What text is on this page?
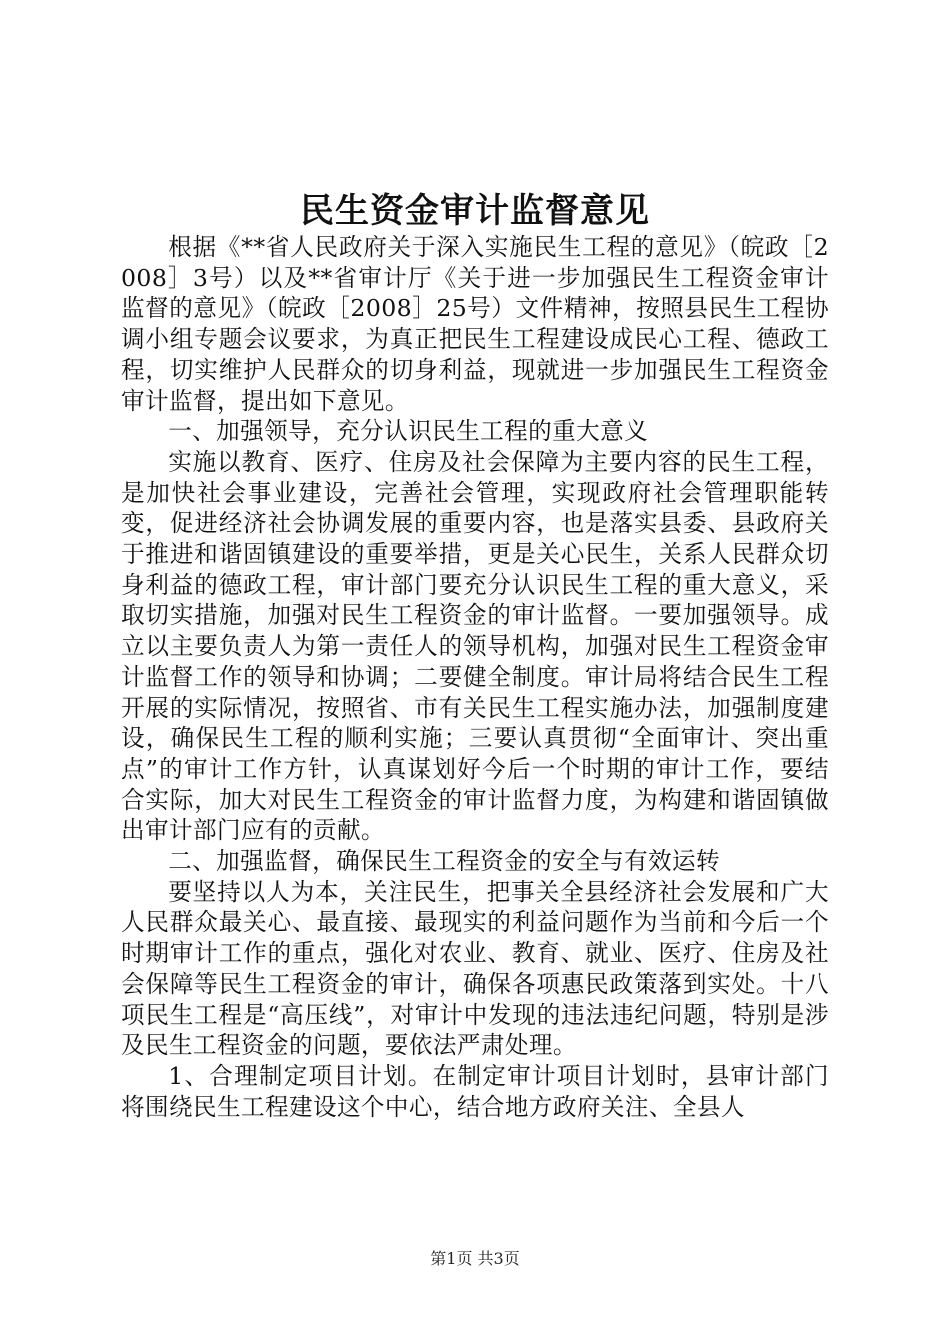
民生资金审计监督意见

根据《**省人民政府关于深入实施民生工程的意见》（皖政［2008］3号）以及**省审计厅《关于进一步加强民生工程资金审计监督的意见》（皖政［2008］25号）文件精神，按照县民生工程协调小组专题会议要求，为真正把民生工程建设成民心工程、德政工程，切实维护人民群众的切身利益，现就进一步加强民生工程资金审计监督，提出如下意见。

一、加强领导，充分认识民生工程的重大意义

实施以教育、医疗、住房及社会保障为主要内容的民生工程，是加快社会事业建设，完善社会管理，实现政府社会管理职能转变，促进经济社会协调发展的重要内容，也是落实县委、县政府关于推进和谐固镇建设的重要举措，更是关心民生，关系人民群众切身利益的德政工程，审计部门要充分认识民生工程的重大意义，采取切实措施，加强对民生工程资金的审计监督。一要加强领导。成立以主要负责人为第一责任人的领导机构，加强对民生工程资金审计监督工作的领导和协调；二要健全制度。审计局将结合民生工程开展的实际情况，按照省、市有关民生工程实施办法，加强制度建设，确保民生工程的顺利实施；三要认真贯彻“全面审计、突出重点”的审计工作方针，认真谋划好今后一个时期的审计工作，要结合实际，加大对民生工程资金的审计监督力度，为构建和谐固镇做出审计部门应有的贡献。

二、加强监督，确保民生工程资金的安全与有效运转

要坚持以人为本，关注民生，把事关全县经济社会发展和广大人民群众最关心、最直接、最现实的利益问题作为当前和今后一个时期审计工作的重点，强化对农业、教育、就业、医疗、住房及社会保障等民生工程资金的审计，确保各项惠民政策落到实处。十八项民生工程是“高压线”，对审计中发现的违法违纪问题，特别是涉及民生工程资金的问题，要依法严肃处理。

1、合理制定项目计划。在制定审计项目计划时，县审计部门将围绕民生工程建设这个中心，结合地方政府关注、全县人

第1页 共3页
